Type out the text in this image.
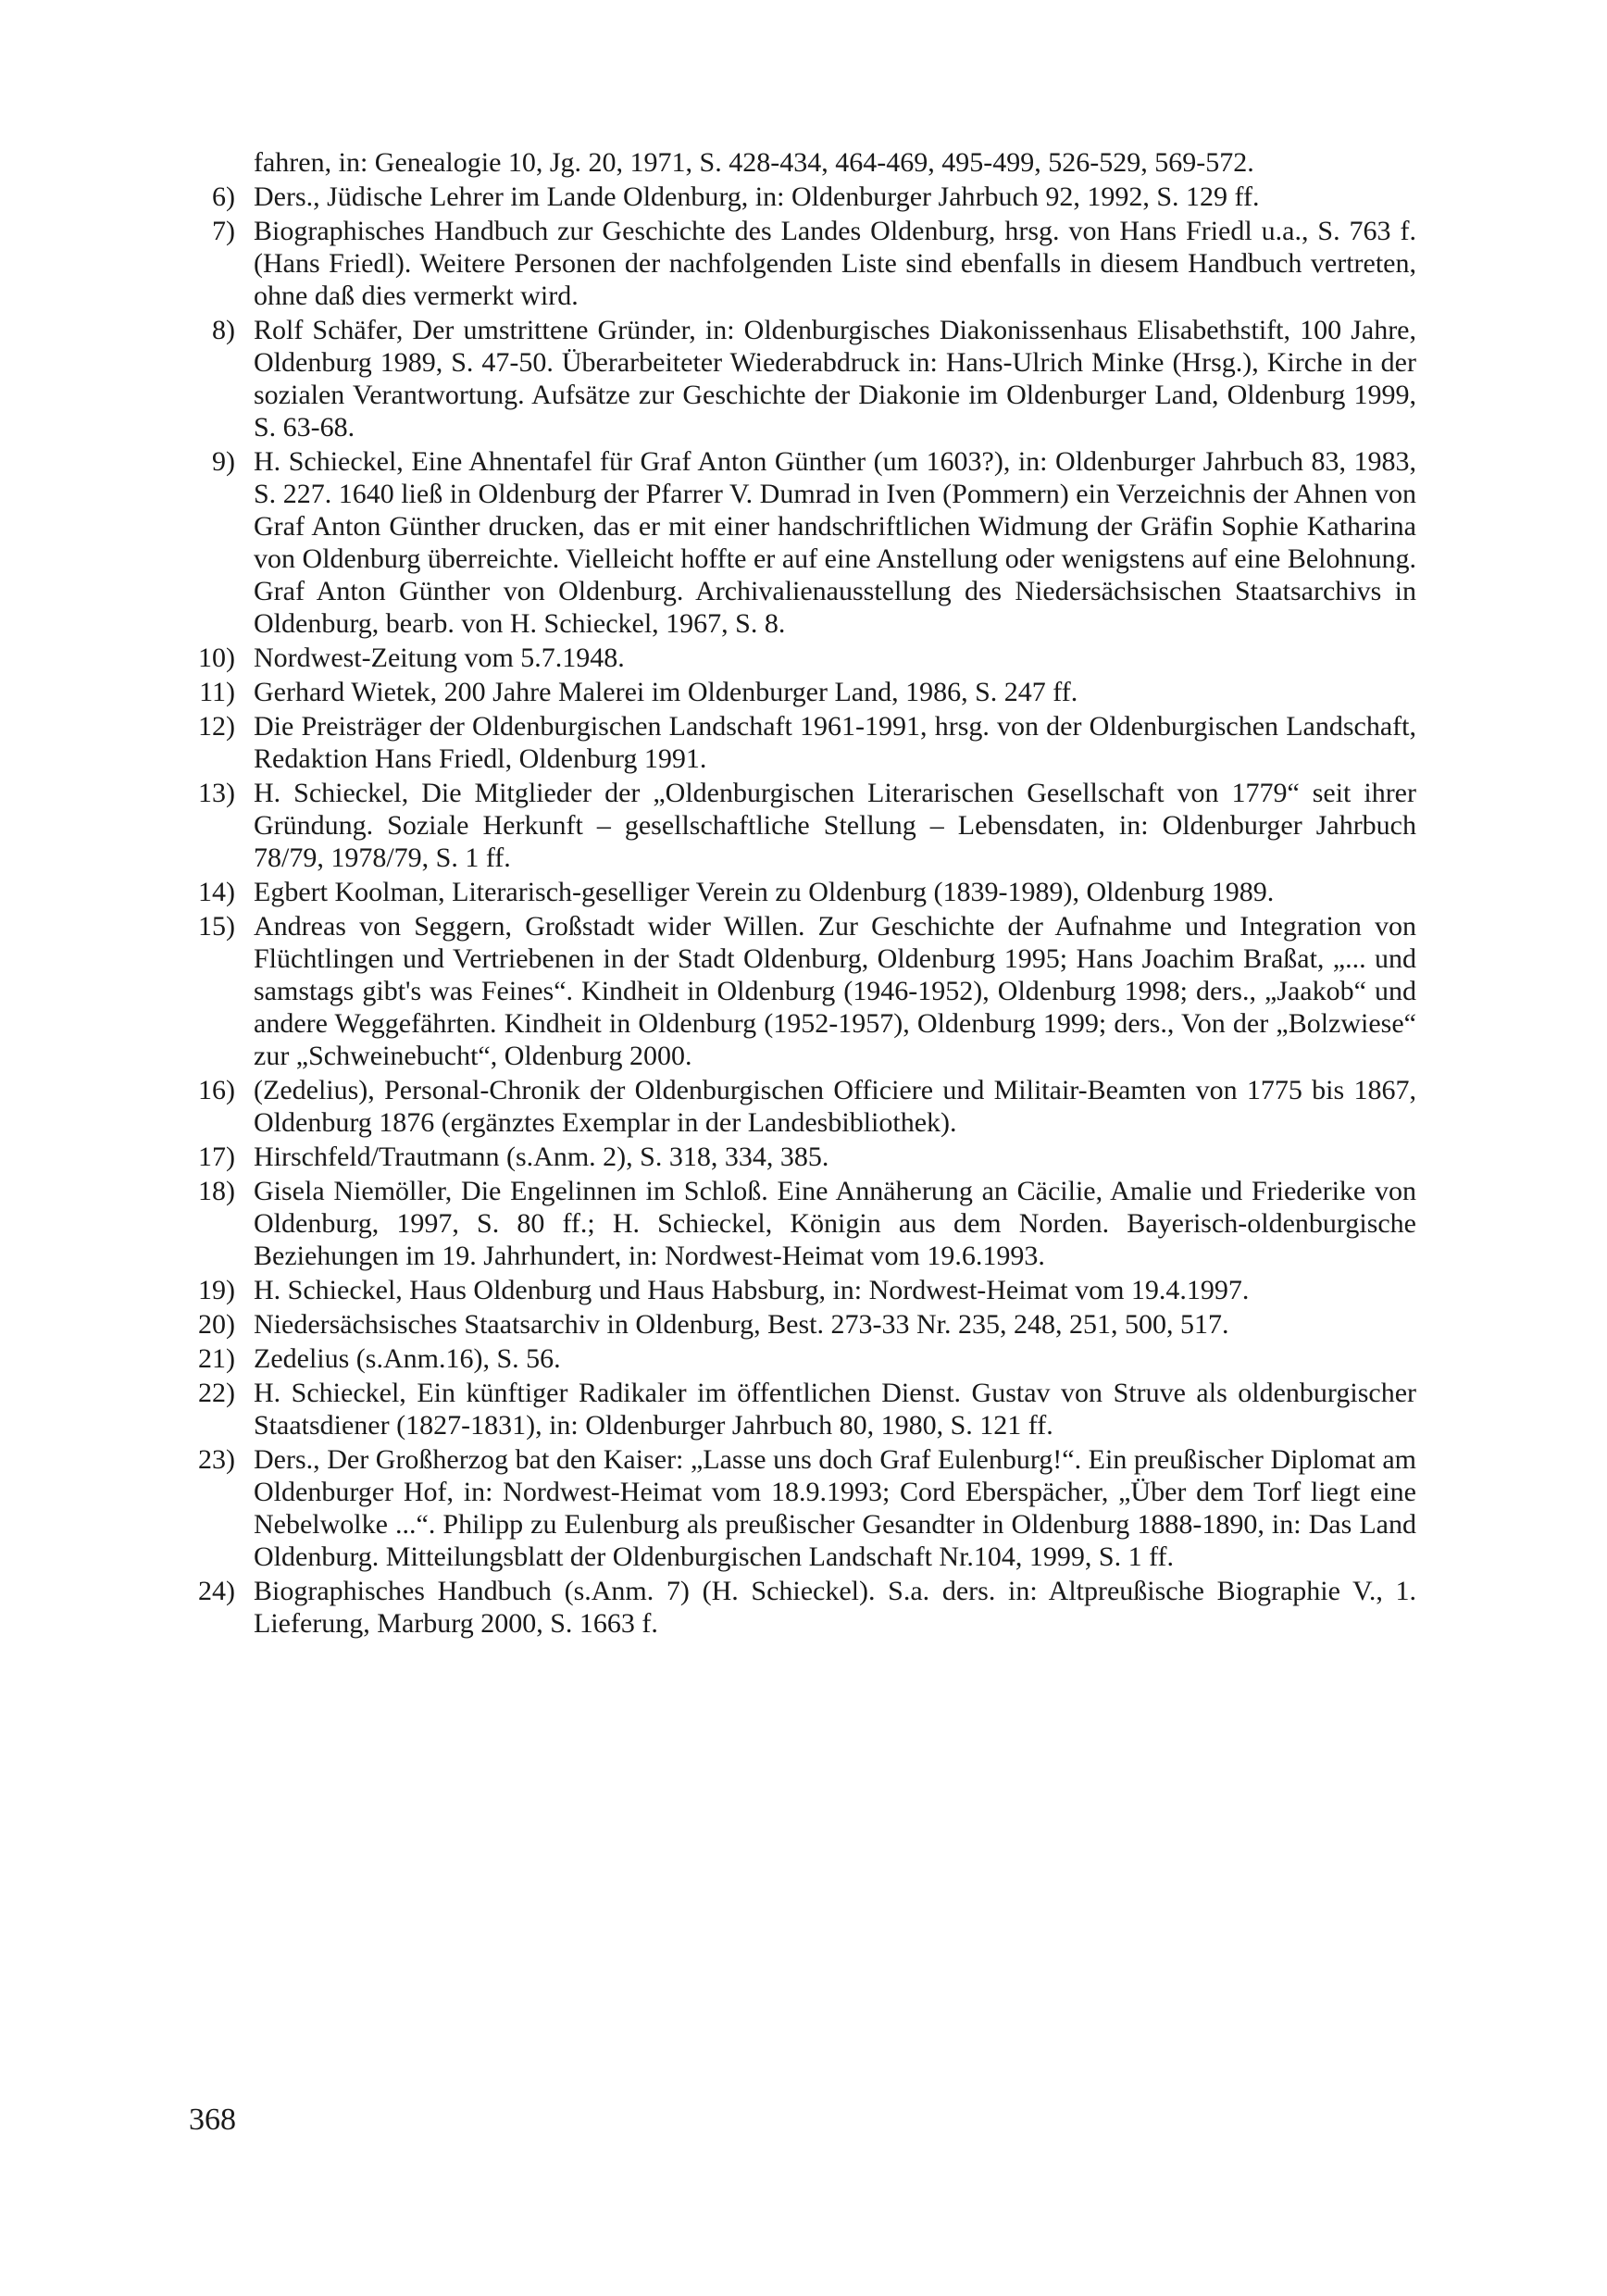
fahren, in: Genealogie 10, Jg. 20, 1971, S. 428-434, 464-469, 495-499, 526-529, 569-572.
6) Ders., Jüdische Lehrer im Lande Oldenburg, in: Oldenburger Jahrbuch 92, 1992, S. 129 ff.
7) Biographisches Handbuch zur Geschichte des Landes Oldenburg, hrsg. von Hans Friedl u.a., S. 763 f.(Hans Friedl). Weitere Personen der nachfolgenden Liste sind ebenfalls in diesem Handbuch vertreten, ohne daß dies vermerkt wird.
8) Rolf Schäfer, Der umstrittene Gründer, in: Oldenburgisches Diakonissenhaus Elisabethstift, 100 Jahre, Oldenburg 1989, S. 47-50. Überarbeiteter Wiederabdruck in: Hans-Ulrich Minke (Hrsg.), Kirche in der sozialen Verantwortung. Aufsätze zur Geschichte der Diakonie im Oldenburger Land, Oldenburg 1999, S. 63-68.
9) H. Schieckel, Eine Ahnentafel für Graf Anton Günther (um 1603?), in: Oldenburger Jahrbuch 83, 1983, S. 227. 1640 ließ in Oldenburg der Pfarrer V. Dumrad in Iven (Pommern) ein Verzeichnis der Ahnen von Graf Anton Günther drucken, das er mit einer handschriftlichen Widmung der Gräfin Sophie Katharina von Oldenburg überreichte. Vielleicht hoffte er auf eine Anstellung oder wenigstens auf eine Belohnung. Graf Anton Günther von Oldenburg. Archivalienausstellung des Niedersächsischen Staatsarchivs in Oldenburg, bearb. von H. Schieckel, 1967, S. 8.
10) Nordwest-Zeitung vom 5.7.1948.
11) Gerhard Wietek, 200 Jahre Malerei im Oldenburger Land, 1986, S. 247 ff.
12) Die Preisträger der Oldenburgischen Landschaft 1961-1991, hrsg. von der Oldenburgischen Landschaft, Redaktion Hans Friedl, Oldenburg 1991.
13) H. Schieckel, Die Mitglieder der „Oldenburgischen Literarischen Gesellschaft von 1779“ seit ihrer Gründung. Soziale Herkunft – gesellschaftliche Stellung – Lebensdaten, in: Oldenburger Jahrbuch 78/79, 1978/79, S. 1 ff.
14) Egbert Koolman, Literarisch-geselliger Verein zu Oldenburg (1839-1989), Oldenburg 1989.
15) Andreas von Seggern, Großstadt wider Willen. Zur Geschichte der Aufnahme und Integration von Flüchtlingen und Vertriebenen in der Stadt Oldenburg, Oldenburg 1995; Hans Joachim Braßat, „... und samstags gibt's was Feines“. Kindheit in Oldenburg (1946-1952), Oldenburg 1998; ders., „Jaakob“ und andere Weggefährten. Kindheit in Oldenburg (1952-1957), Oldenburg 1999; ders., Von der „Bolzwiese“ zur „Schweinebucht“, Oldenburg 2000.
16) (Zedelius), Personal-Chronik der Oldenburgischen Officiere und Militair-Beamten von 1775 bis 1867, Oldenburg 1876 (ergänztes Exemplar in der Landesbibliothek).
17) Hirschfeld/Trautmann (s.Anm. 2), S. 318, 334, 385.
18) Gisela Niemöller, Die Engelinnen im Schloß. Eine Annäherung an Cäcilie, Amalie und Friederike von Oldenburg, 1997, S. 80 ff.; H. Schieckel, Königin aus dem Norden. Bayerisch-oldenburgische Beziehungen im 19. Jahrhundert, in: Nordwest-Heimat vom 19.6.1993.
19) H. Schieckel, Haus Oldenburg und Haus Habsburg, in: Nordwest-Heimat vom 19.4.1997.
20) Niedersächsisches Staatsarchiv in Oldenburg, Best. 273-33 Nr. 235, 248, 251, 500, 517.
21) Zedelius (s.Anm.16), S. 56.
22) H. Schieckel, Ein künftiger Radikaler im öffentlichen Dienst. Gustav von Struve als oldenburgischer Staatsdiener (1827-1831), in: Oldenburger Jahrbuch 80, 1980, S. 121 ff.
23) Ders., Der Großherzog bat den Kaiser: „Lasse uns doch Graf Eulenburg!“. Ein preußischer Diplomat am Oldenburger Hof, in: Nordwest-Heimat vom 18.9.1993; Cord Eberspächer, „Über dem Torf liegt eine Nebelwolke ...“. Philipp zu Eulenburg als preußischer Gesandter in Oldenburg 1888-1890, in: Das Land Oldenburg. Mitteilungsblatt der Oldenburgischen Landschaft Nr.104, 1999, S. 1 ff.
24) Biographisches Handbuch (s.Anm. 7) (H. Schieckel). S.a. ders. in: Altpreußische Biographie V., 1. Lieferung, Marburg 2000, S. 1663 f.
368
